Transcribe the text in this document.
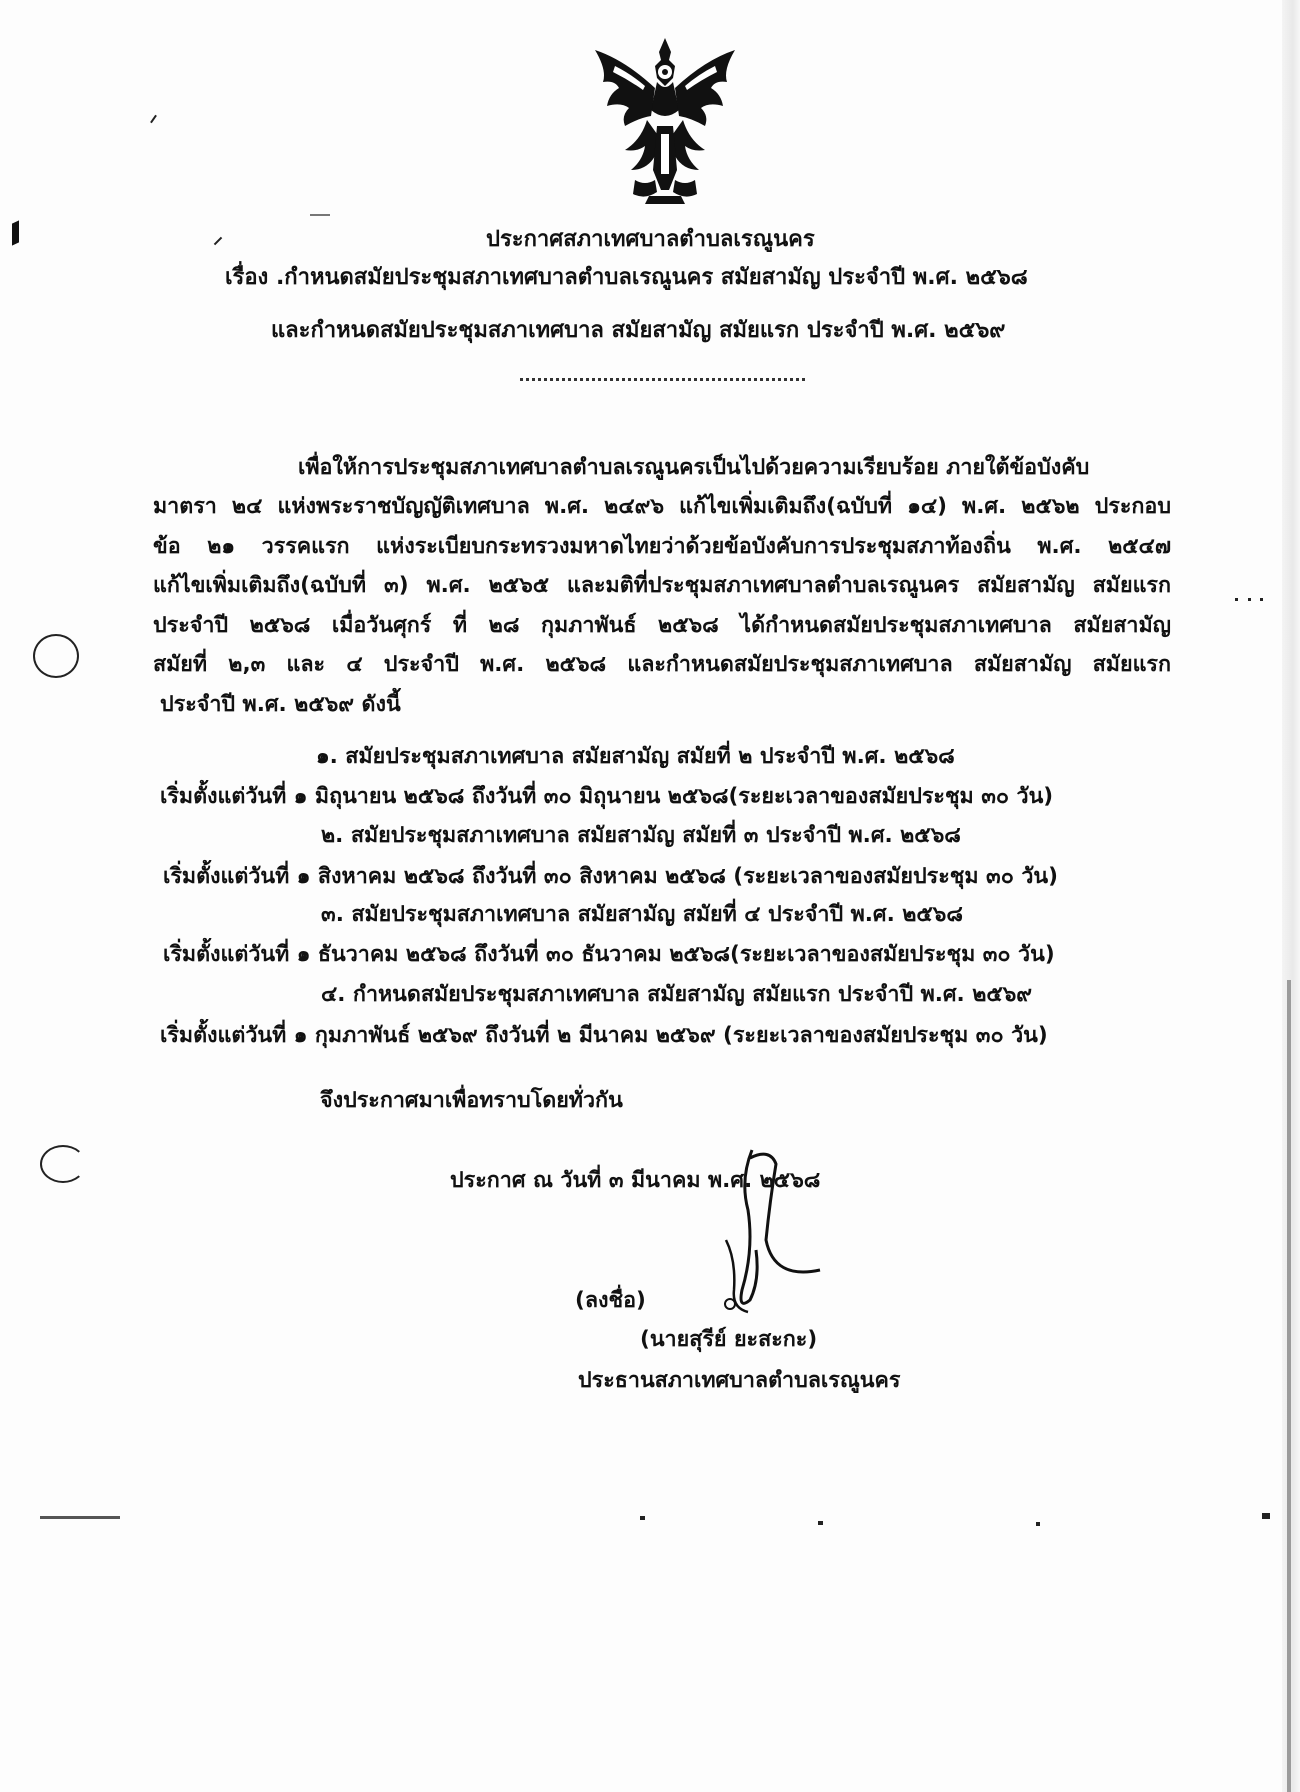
ประกาศสภาเทศบาลตำบลเรณูนคร
เรื่อง .กำหนดสมัยประชุมสภาเทศบาลตำบลเรณูนคร สมัยสามัญ ประจำปี พ.ศ. ๒๕๖๘
และกำหนดสมัยประชุมสภาเทศบาล สมัยสามัญ สมัยแรก ประจำปี พ.ศ. ๒๕๖๙
เพื่อให้การประชุมสภาเทศบาลตำบลเรณูนครเป็นไปด้วยความเรียบร้อย ภายใต้ข้อบังคับ
มาตรา ๒๔ แห่งพระราชบัญญัติเทศบาล พ.ศ. ๒๔๙๖ แก้ไขเพิ่มเติมถึง(ฉบับที่ ๑๔) พ.ศ. ๒๕๖๒ ประกอบ
ข้อ ๒๑ วรรคแรก แห่งระเบียบกระทรวงมหาดไทยว่าด้วยข้อบังคับการประชุมสภาท้องถิ่น พ.ศ. ๒๕๔๗
แก้ไขเพิ่มเติมถึง(ฉบับที่ ๓) พ.ศ. ๒๕๖๕ และมติที่ประชุมสภาเทศบาลตำบลเรณูนคร สมัยสามัญ สมัยแรก
ประจำปี ๒๕๖๘ เมื่อวันศุกร์ ที่ ๒๘ กุมภาพันธ์ ๒๕๖๘ ได้กำหนดสมัยประชุมสภาเทศบาล สมัยสามัญ
สมัยที่ ๒,๓ และ ๔ ประจำปี พ.ศ. ๒๕๖๘ และกำหนดสมัยประชุมสภาเทศบาล สมัยสามัญ สมัยแรก
ประจำปี พ.ศ. ๒๕๖๙ ดังนี้
๑. สมัยประชุมสภาเทศบาล สมัยสามัญ สมัยที่ ๒ ประจำปี พ.ศ. ๒๕๖๘
เริ่มตั้งแต่วันที่ ๑ มิถุนายน ๒๕๖๘ ถึงวันที่ ๓๐ มิถุนายน ๒๕๖๘(ระยะเวลาของสมัยประชุม ๓๐ วัน)
๒. สมัยประชุมสภาเทศบาล สมัยสามัญ สมัยที่ ๓ ประจำปี พ.ศ. ๒๕๖๘
เริ่มตั้งแต่วันที่ ๑ สิงหาคม ๒๕๖๘ ถึงวันที่ ๓๐ สิงหาคม ๒๕๖๘ (ระยะเวลาของสมัยประชุม ๓๐ วัน)
๓. สมัยประชุมสภาเทศบาล สมัยสามัญ สมัยที่ ๔ ประจำปี พ.ศ. ๒๕๖๘
เริ่มตั้งแต่วันที่ ๑ ธันวาคม ๒๕๖๘ ถึงวันที่ ๓๐ ธันวาคม ๒๕๖๘(ระยะเวลาของสมัยประชุม ๓๐ วัน)
๔. กำหนดสมัยประชุมสภาเทศบาล สมัยสามัญ สมัยแรก ประจำปี พ.ศ. ๒๕๖๙
เริ่มตั้งแต่วันที่ ๑ กุมภาพันธ์ ๒๕๖๙ ถึงวันที่ ๒ มีนาคม ๒๕๖๙ (ระยะเวลาของสมัยประชุม ๓๐ วัน)
จึงประกาศมาเพื่อทราบโดยทั่วกัน
ประกาศ ณ วันที่ ๓ มีนาคม พ.ศ. ๒๕๖๘
(ลงชื่อ)
(นายสุรีย์ ยะสะกะ)
ประธานสภาเทศบาลตำบลเรณูนคร
